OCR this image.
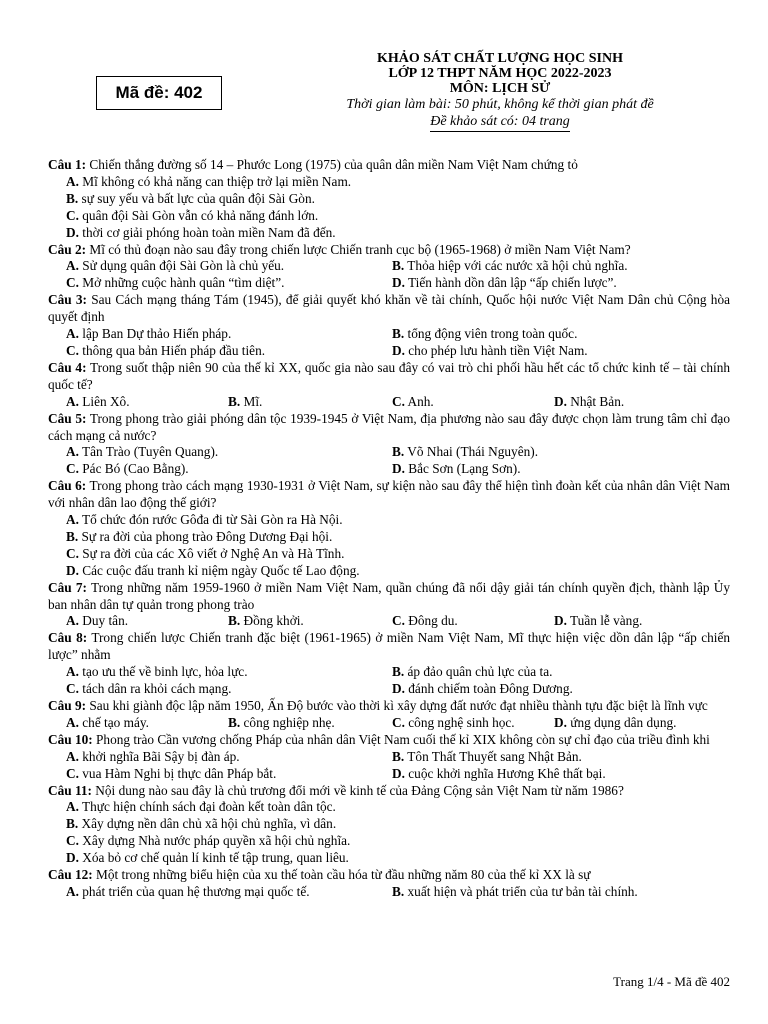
Mã đề: 402
KHẢO SÁT CHẤT LƯỢNG HỌC SINH
LỚP 12 THPT NĂM HỌC 2022-2023
MÔN: LỊCH SỬ
Thời gian làm bài: 50 phút, không kể thời gian phát đề
Đề khảo sát có: 04 trang

Câu 1: Chiến thắng đường số 14 – Phước Long (1975) của quân dân miền Nam Việt Nam chứng tỏ

A. Mĩ không có khả năng can thiệp trở lại miền Nam.
B. sự suy yếu và bất lực của quân đội Sài Gòn.
C. quân đội Sài Gòn vẫn có khả năng đánh lớn.
D. thời cơ giải phóng hoàn toàn miền Nam đã đến.

Câu 2: Mĩ có thủ đoạn nào sau đây trong chiến lược Chiến tranh cục bộ (1965-1968) ở miền Nam Việt Nam?

A. Sử dụng quân đội Sài Gòn là chủ yếu.	B. Thỏa hiệp với các nước xã hội chủ nghĩa.
C. Mở những cuộc hành quân “tìm diệt”.	D. Tiến hành dồn dân lập “ấp chiến lược”.

Câu 3: Sau Cách mạng tháng Tám (1945), để giải quyết khó khăn về tài chính, Quốc hội nước Việt Nam Dân chủ Cộng hòa quyết định

A. lập Ban Dự thảo Hiến pháp.	B. tổng động viên trong toàn quốc.
C. thông qua bản Hiến pháp đầu tiên.	D. cho phép lưu hành tiền Việt Nam.

Câu 4: Trong suốt thập niên 90 của thế kỉ XX, quốc gia nào sau đây có vai trò chi phối hầu hết các tổ chức kinh tế – tài chính quốc tế?

A. Liên Xô.	B. Mĩ.	C. Anh.	D. Nhật Bản.

Câu 5: Trong phong trào giải phóng dân tộc 1939-1945 ở Việt Nam, địa phương nào sau đây được chọn làm trung tâm chỉ đạo cách mạng cả nước?

A. Tân Trào (Tuyên Quang).	B. Võ Nhai (Thái Nguyên).
C. Pác Bó (Cao Bằng).	D. Bắc Sơn (Lạng Sơn).

Câu 6: Trong phong trào cách mạng 1930-1931 ở Việt Nam, sự kiện nào sau đây thể hiện tình đoàn kết của nhân dân Việt Nam với nhân dân lao động thế giới?

A. Tổ chức đón rước Gôđa đi từ Sài Gòn ra Hà Nội.
B. Sự ra đời của phong trào Đông Dương Đại hội.
C. Sự ra đời của các Xô viết ở Nghệ An và Hà Tĩnh.
D. Các cuộc đấu tranh kỉ niệm ngày Quốc tế Lao động.

Câu 7: Trong những năm 1959-1960 ở miền Nam Việt Nam, quần chúng đã nổi dậy giải tán chính quyền địch, thành lập Ủy ban nhân dân tự quản trong phong trào

A. Duy tân.	B. Đồng khởi.	C. Đông du.	D. Tuần lễ vàng.

Câu 8: Trong chiến lược Chiến tranh đặc biệt (1961-1965) ở miền Nam Việt Nam, Mĩ thực hiện việc dồn dân lập “ấp chiến lược” nhằm

A. tạo ưu thế về binh lực, hỏa lực.	B. áp đảo quân chủ lực của ta.
C. tách dân ra khỏi cách mạng.	D. đánh chiếm toàn Đông Dương.

Câu 9: Sau khi giành độc lập năm 1950, Ấn Độ bước vào thời kì xây dựng đất nước đạt nhiều thành tựu đặc biệt là lĩnh vực

A. chế tạo máy.	B. công nghiệp nhẹ.	C. công nghệ sinh học.	D. ứng dụng dân dụng.

Câu 10: Phong trào Cần vương chống Pháp của nhân dân Việt Nam cuối thế kỉ XIX không còn sự chỉ đạo của triều đình khi

A. khởi nghĩa Bãi Sậy bị đàn áp.	B. Tôn Thất Thuyết sang Nhật Bản.
C. vua Hàm Nghi bị thực dân Pháp bắt.	D. cuộc khởi nghĩa Hương Khê thất bại.

Câu 11: Nội dung nào sau đây là chủ trương đổi mới về kinh tế của Đảng Cộng sản Việt Nam từ năm 1986?

A. Thực hiện chính sách đại đoàn kết toàn dân tộc.
B. Xây dựng nền dân chủ xã hội chủ nghĩa, vì dân.
C. Xây dựng Nhà nước pháp quyền xã hội chủ nghĩa.
D. Xóa bỏ cơ chế quản lí kinh tế tập trung, quan liêu.

Câu 12: Một trong những biểu hiện của xu thế toàn cầu hóa từ đầu những năm 80 của thế kỉ XX là sự

A. phát triển của quan hệ thương mại quốc tế.	B. xuất hiện và phát triển của tư bản tài chính.
Trang 1/4 - Mã đề 402
